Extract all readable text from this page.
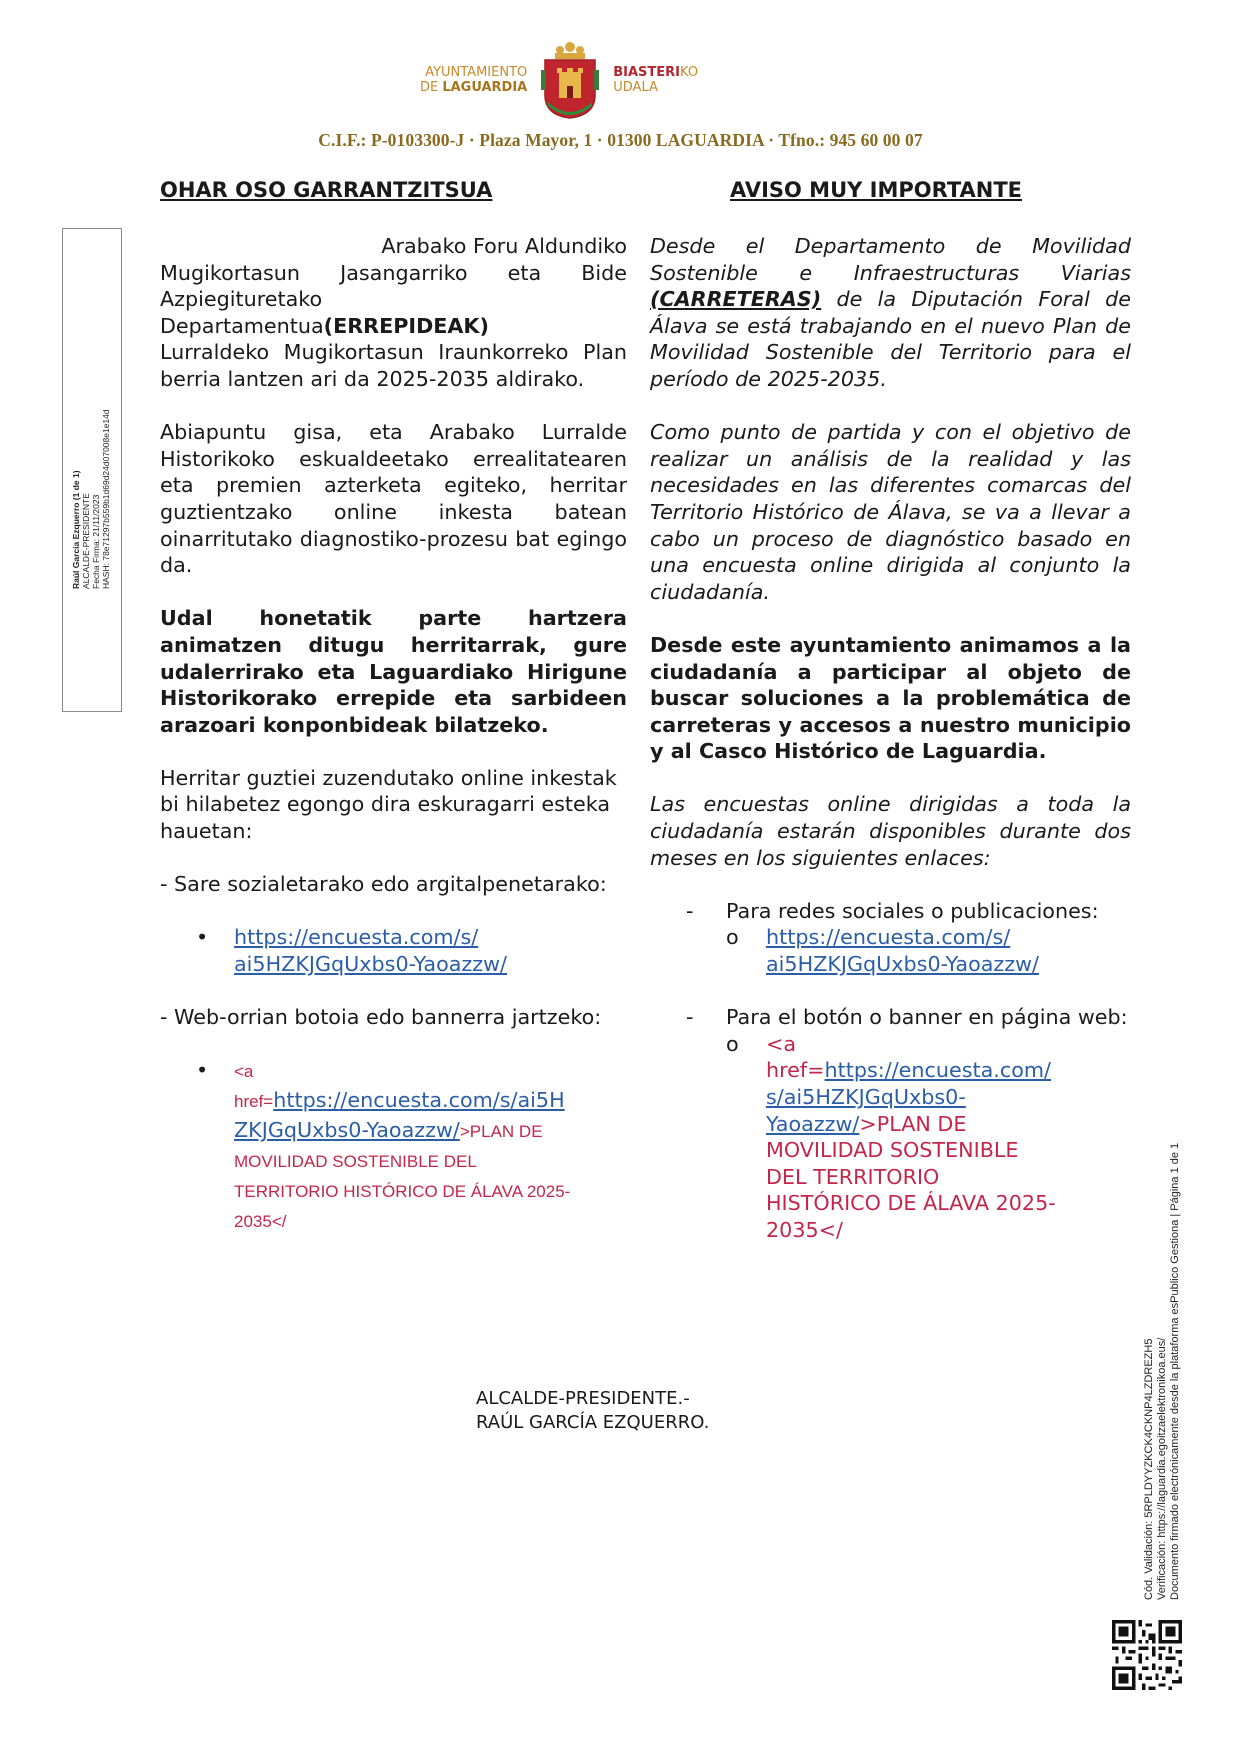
AYUNTAMIENTO
DE LAGUARDIA
BIASTERIKO
UDALA
C.I.F.: P-0103300-J · Plaza Mayor, 1 · 01300 LAGUARDIA · Tfno.: 945 60 00 07
OHAR OSO GARRANTZITSUA	AVISO MUY IMPORTANTE

Arabako Foru Aldundiko
Mugikortasun Jasangarriko eta Bide
Azpiegituretako
Departamentua(ERREPIDEAK)
Lurraldeko Mugikortasun Iraunkorreko Plan berria lantzen ari da 2025-2035 aldirako.

Abiapuntu gisa, eta Arabako Lurralde Historikoko eskualdeetako errealitatearen eta premien azterketa egiteko, herritar guztientzako online inkesta batean oinarritutako diagnostiko-prozesu bat egingo da.

Udal honetatik parte hartzera animatzen ditugu herritarrak, gure udalerrirako eta Laguardiako Hirigune Historikorako errepide eta sarbideen arazoari konponbideak bilatzeko.

Herritar guztiei zuzendutako online inkestak bi hilabetez egongo dira eskuragarri esteka hauetan:

- Sare sozialetarako edo argitalpenetarako:

• https://encuesta.com/s/
ai5HZKJGqUxbs0-Yaoazzw/

- Web-orrian botoia edo bannerra jartzeko:

• <a
href=https://encuesta.com/s/ai5H
ZKJGqUxbs0-Yaoazzw/>PLAN DE
MOVILIDAD SOSTENIBLE DEL
TERRITORIO HISTÓRICO DE ÁLAVA 2025-
2035</

Desde el Departamento de Movilidad Sostenible e Infraestructuras Viarias (CARRETERAS) de la Diputación Foral de Álava se está trabajando en el nuevo Plan de Movilidad Sostenible del Territorio para el período de 2025-2035.

Como punto de partida y con el objetivo de realizar un análisis de la realidad y las necesidades en las diferentes comarcas del Territorio Histórico de Álava, se va a llevar a cabo un proceso de diagnóstico basado en una encuesta online dirigida al conjunto la ciudadanía.

Desde este ayuntamiento animamos a la ciudadanía a participar al objeto de buscar soluciones a la problemática de carreteras y accesos a nuestro municipio y al Casco Histórico de Laguardia.

Las encuestas online dirigidas a toda la ciudadanía estarán disponibles durante dos meses en los siguientes enlaces:

- Para redes sociales o publicaciones:
o https://encuesta.com/s/
ai5HZKJGqUxbs0-Yaoazzw/
- Para el botón o banner en página web:
o <a
href=https://encuesta.com/
s/ai5HZKJGqUxbs0-
Yaoazzw/>PLAN DE
MOVILIDAD SOSTENIBLE
DEL TERRITORIO
HISTÓRICO DE ÁLAVA 2025-
2035</
ALCALDE-PRESIDENTE.-
RAÚL GARCÍA EZQUERRO.
Raúl García Ezquerro (1 de 1) ALCALDE-PRESIDENTE Fecha Firma: 21/11/2023 HASH: 78e71297b559b1d69d24d07008e1e14d
Cód. Validación: 5RPLDYYZKCK4CKNP4LZDREZH5 Verificación: https://laguardia.egoitzaelektronikoa.eus/ Documento firmado electrónicamente desde la plataforma esPublico Gestiona | Página 1 de 1
